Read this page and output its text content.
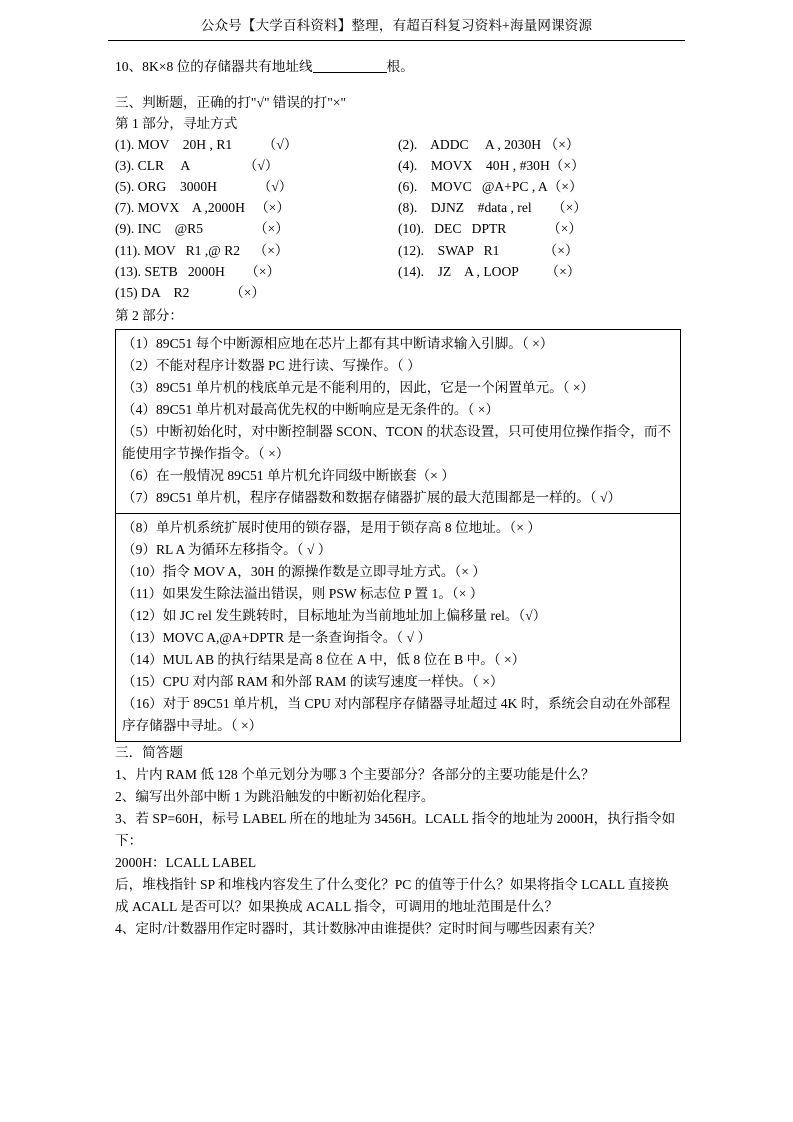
公众号【大学百科资料】整理，有超百科复习资料+海量网课资源
10、8K×8 位的存储器共有地址线	根。
三、判断题，正确的打"√" 错误的打"×"
第 1 部分，寻址方式
(1). MOV    20H , R1         （√）	(2).    ADDC     A , 2030H （×）
(3). CLR     A                （√）	(4).    MOVX    40H , #30H（×）
(5). ORG    3000H            （√）	(6).    MOVC   @A+PC , A（×）
(7). MOVX    A ,2000H   （×）	(8).    DJNZ    #data , rel      （×）
(9). INC    @R5               （×）	(10).   DEC   DPTR            （×）
(11). MOV   R1 ,@ R2    （×）	(12).    SWAP   R1             （×）
(13). SETB   2000H      （×）	(14).    JZ    A , LOOP        （×）
(15) DA    R2            （×）
第 2 部分：

（1）89C51 每个中断源相应地在芯片上都有其中断请求输入引脚。（ ×）

（2）不能对程序计数器 PC 进行读、写操作。（ ）

（3）89C51 单片机的栈底单元是不能利用的，因此，它是一个闲置单元。（ ×）

（4）89C51 单片机对最高优先权的中断响应是无条件的。（ ×）

（5）中断初始化时，对中断控制器 SCON、TCON 的状态设置，只可使用位操作指令，而不能使用字节操作指令。（ ×）

（6）在一般情况 89C51 单片机允许同级中断嵌套（× ）

（7）89C51 单片机，程序存储器数和数据存储器扩展的最大范围都是一样的。（ √）

（8）单片机系统扩展时使用的锁存器，是用于锁存高 8 位地址。（× ）

（9）RL A 为循环左移指令。（ √ ）

（10）指令 MOV A，30H 的源操作数是立即寻址方式。（× ）

（11）如果发生除法溢出错误，则 PSW 标志位 P 置 1。（× ）

（12）如 JC rel 发生跳转时，目标地址为当前地址加上偏移量 rel。（√）

（13）MOVC A,@A+DPTR 是一条查询指令。（ √ ）

（14）MUL AB 的执行结果是高 8 位在 A 中，低 8 位在 B 中。（ ×）

（15）CPU 对内部 RAM 和外部 RAM 的读写速度一样快。（ ×）

（16）对于 89C51 单片机，当 CPU 对内部程序存储器寻址超过 4K 时，系统会自动在外部程序存储器中寻址。（ ×）

三．简答题

1、片内 RAM 低 128 个单元划分为哪 3 个主要部分？各部分的主要功能是什么？

2、编写出外部中断 1 为跳沿触发的中断初始化程序。

3、若 SP=60H，标号 LABEL 所在的地址为 3456H。LCALL 指令的地址为 2000H，执行指令如下：

2000H：LCALL LABEL

后，堆栈指针 SP 和堆栈内容发生了什么变化？PC 的值等于什么？如果将指令 LCALL 直接换成 ACALL 是否可以？如果换成 ACALL 指令，可调用的地址范围是什么？

4、定时/计数器用作定时器时，其计数脉冲由谁提供？定时时间与哪些因素有关？
